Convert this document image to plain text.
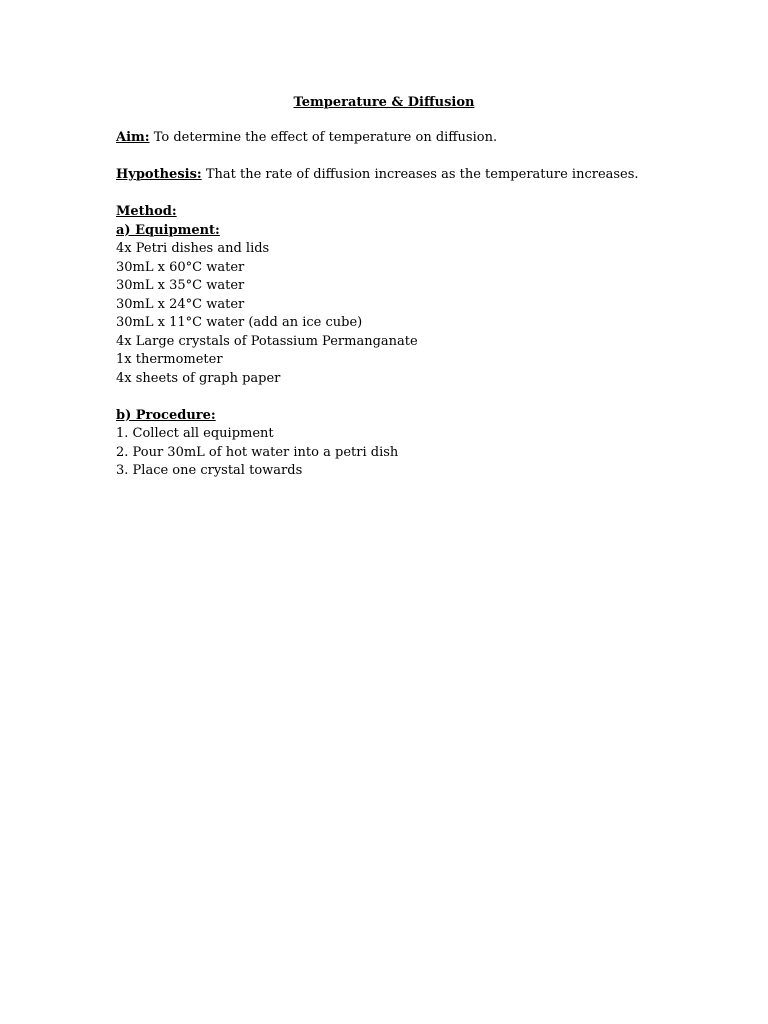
Temperature & Diffusion

Aim: To determine the effect of temperature on diffusion.

Hypothesis: That the rate of diffusion increases as the temperature increases.

Method:

a) Equipment:

4x Petri dishes and lids

30mL x 60°C water

30mL x 35°C water

30mL x 24°C water

30mL x 11°C water (add an ice cube)

4x Large crystals of Potassium Permanganate

1x thermometer

4x sheets of graph paper

b) Procedure:

1. Collect all equipment

2. Pour 30mL of hot water into a petri dish

3. Place one crystal towards
